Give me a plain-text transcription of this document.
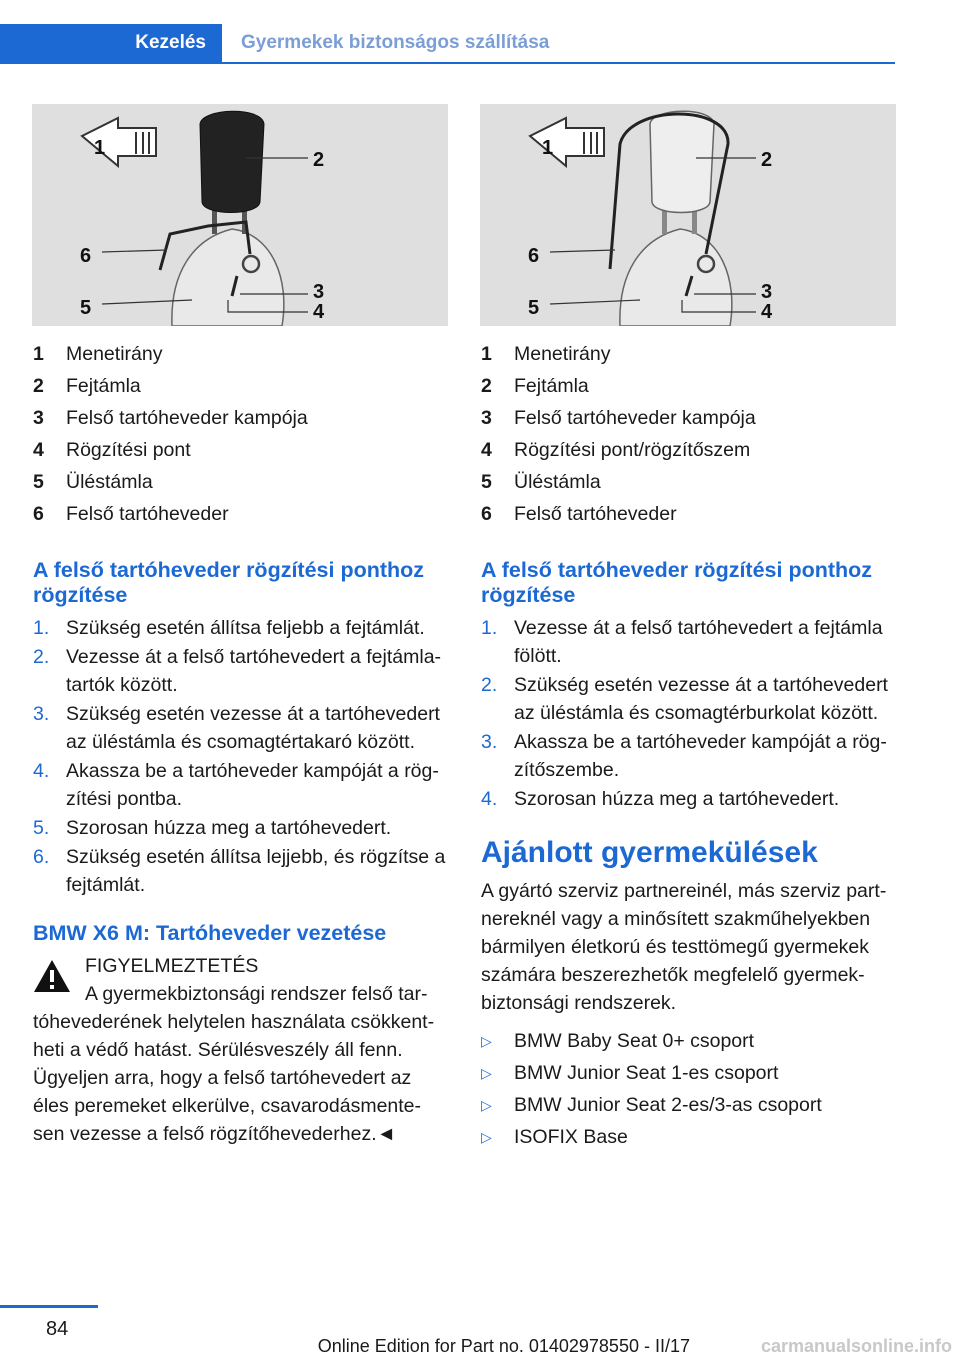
Kezelés	Gyermekek biztonságos szállítása
1
2
6
5
3
4
1
2
6
5
3
4
1	Menetirány
2	Fejtámla
3	Felső tartóheveder kampója
4	Rögzítési pont
5	Üléstámla
6	Felső tartóheveder
A felső tartóheveder rögzítési ponthoz rögzítése
1. Szükség esetén állítsa feljebb a fejtámlát.
2. Vezesse át a felső tartóhevedert a fejtámla-tartók között.
3. Szükség esetén vezesse át a tartóhevedert az üléstámla és csomagtértakaró között.
4. Akassza be a tartóheveder kampóját a rög-zítési pontba.
5. Szorosan húzza meg a tartóhevedert.
6. Szükség esetén állítsa lejjebb, és rögzítse a fejtámlát.
BMW X6 M: Tartóheveder vezetése
FIGYELMEZTETÉS
A gyermekbiztonsági rendszer felső tar-tóhevederének helytelen használata csökkent-heti a védő hatást. Sérülésveszély áll fenn. Ügyeljen arra, hogy a felső tartóhevedert az éles peremeket elkerülve, csavarodásmente-sen vezesse a felső rögzítőhevederhez.◄
1	Menetirány
2	Fejtámla
3	Felső tartóheveder kampója
4	Rögzítési pont/rögzítőszem
5	Üléstámla
6	Felső tartóheveder
A felső tartóheveder rögzítési ponthoz rögzítése
1. Vezesse át a felső tartóhevedert a fejtámla fölött.
2. Szükség esetén vezesse át a tartóhevedert az üléstámla és csomagtérburkolat között.
3. Akassza be a tartóheveder kampóját a rög-zítőszembe.
4. Szorosan húzza meg a tartóhevedert.
Ajánlott gyermekülések

A gyártó szerviz partnereinél, más szerviz part-nereknél vagy a minősített szakműhelyekben bármilyen életkorú és testtömegű gyermekek számára beszerezhetők megfelelő gyermek-biztonsági rendszerek.

▷	BMW Baby Seat 0+ csoport
▷	BMW Junior Seat 1-es csoport
▷	BMW Junior Seat 2-es/3-as csoport
▷	ISOFIX Base
84
Online Edition for Part no. 01402978550 - II/17	carmanualsonline.info
